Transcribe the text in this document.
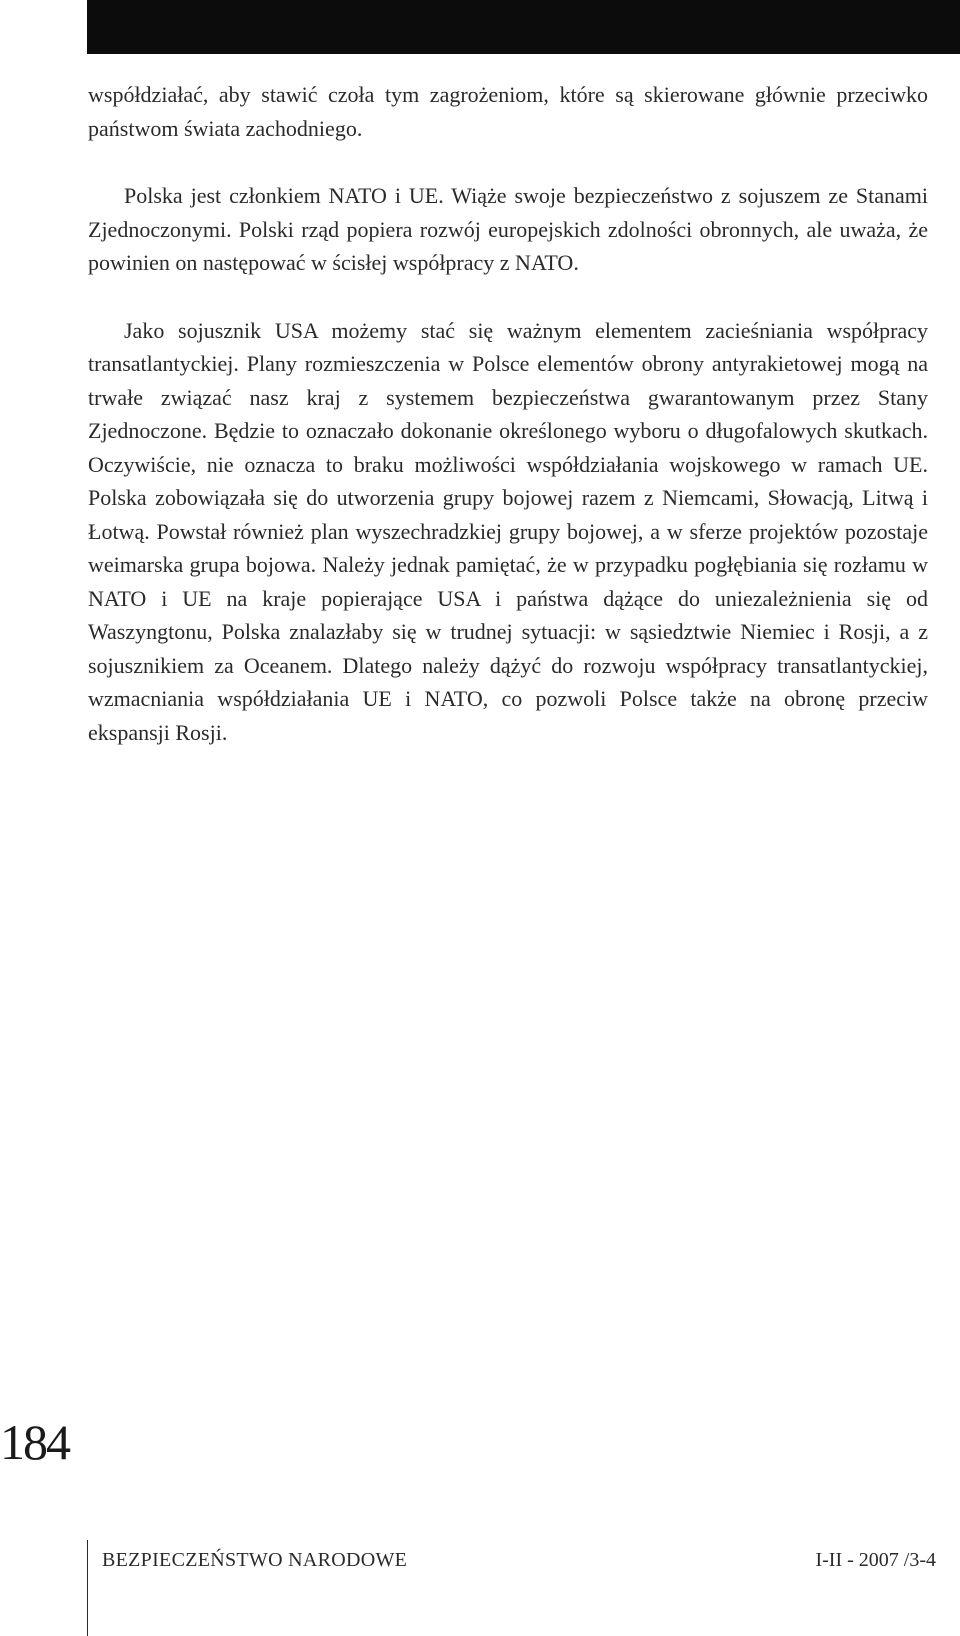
współdziałać, aby stawić czoła tym zagrożeniom, które są skierowane głównie przeciwko państwom świata zachodniego.

Polska jest członkiem NATO i UE. Wiąże swoje bezpieczeństwo z sojuszem ze Stanami Zjednoczonymi. Polski rząd popiera rozwój europejskich zdolności obronnych, ale uważa, że powinien on następować w ścisłej współpracy z NATO.

Jako sojusznik USA możemy stać się ważnym elementem zacieśniania współpracy transatlantyckiej. Plany rozmieszczenia w Polsce elementów obrony antyrakietowej mogą na trwałe związać nasz kraj z systemem bezpieczeństwa gwarantowanym przez Stany Zjednoczone. Będzie to oznaczało dokonanie określonego wyboru o długofalowych skutkach. Oczywiście, nie oznacza to braku możliwości współdziałania wojskowego w ramach UE. Polska zobowiązała się do utworzenia grupy bojowej razem z Niemcami, Słowacją, Litwą i Łotwą. Powstał również plan wyszechradzkiej grupy bojowej, a w sferze projektów pozostaje weimarska grupa bojowa. Należy jednak pamiętać, że w przypadku pogłębiania się rozłamu w NATO i UE na kraje popierające USA i państwa dążące do uniezależnienia się od Waszyngtonu, Polska znalazłaby się w trudnej sytuacji: w sąsiedztwie Niemiec i Rosji, a z sojusznikiem za Oceanem. Dlatego należy dążyć do rozwoju współpracy transatlantyckiej, wzmacniania współdziałania UE i NATO, co pozwoli Polsce także na obronę przeciw ekspansji Rosji.

184
BEZPIECZEŃSTWO NARODOWE	I-II - 2007 /3-4
